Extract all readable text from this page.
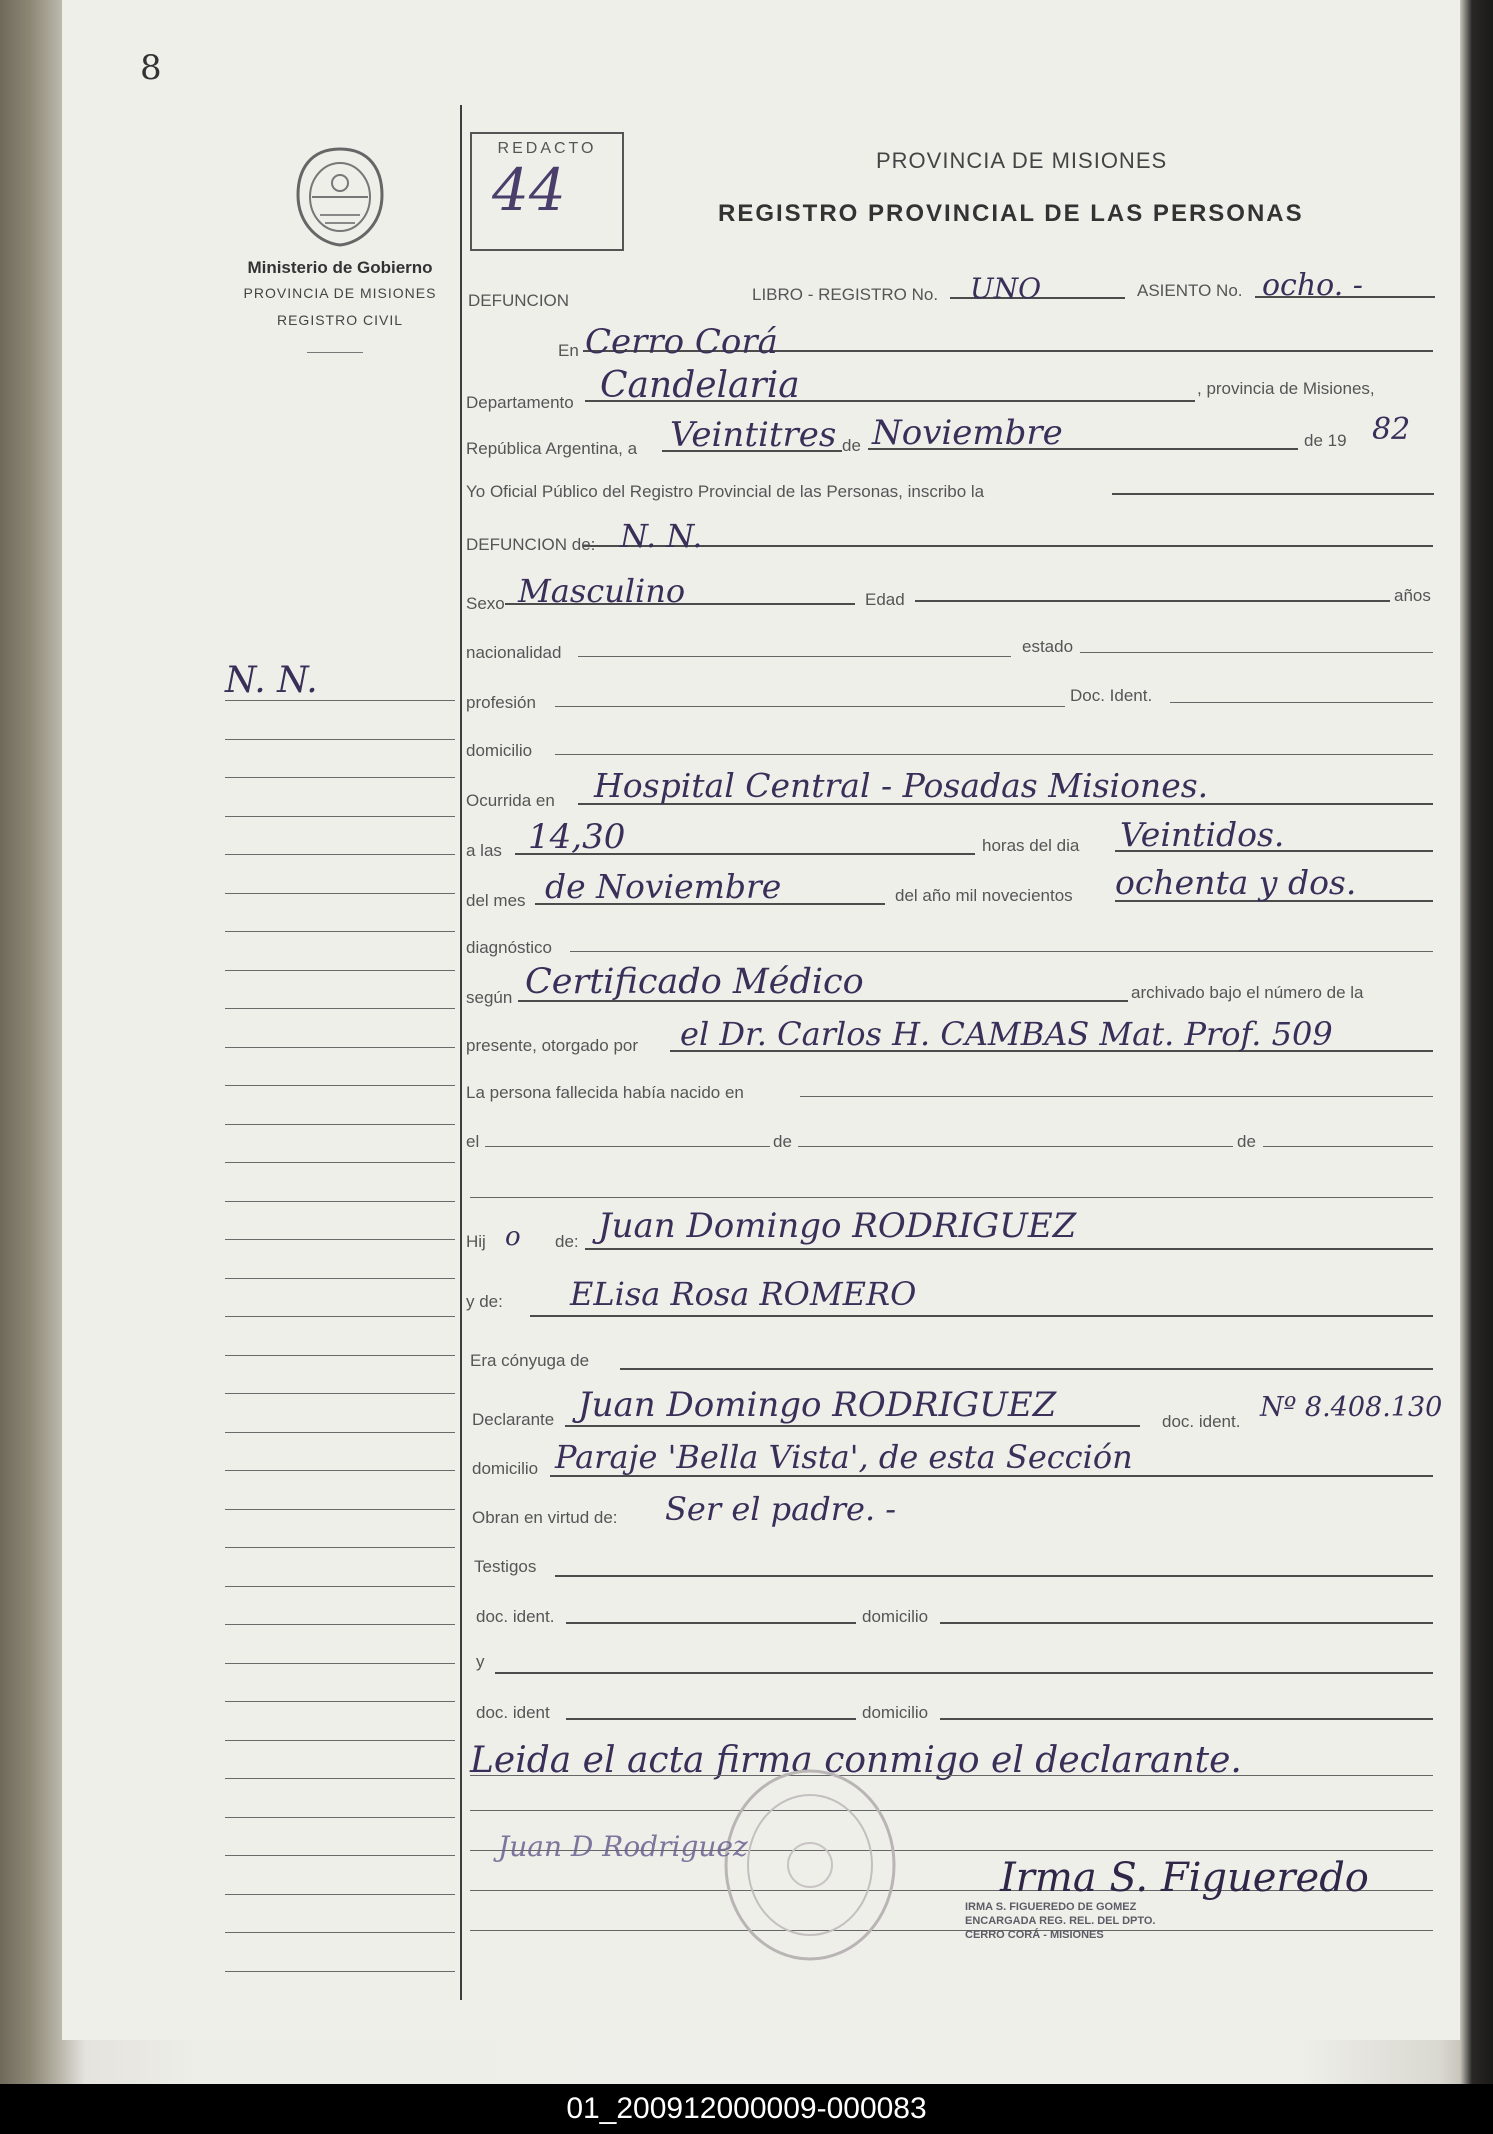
8
Ministerio de Gobierno
PROVINCIA DE MISIONES
REGISTRO CIVIL
N. N.
REDACTO
44	PROVINCIA DE MISIONES
REGISTRO PROVINCIAL DE LAS PERSONAS
DEFUNCION	LIBRO - REGISTRO No. UNO	ASIENTO No. ocho. -
En Cerro Corá
Departamento Candelaria	, provincia de Misiones,
República Argentina, a Veintitres de Noviembre	de 19 82
Yo Oficial Público del Registro Provincial de las Personas, inscribo la
DEFUNCION de: N. N.
Sexo Masculino	Edad	años
nacionalidad	estado
profesión	Doc. Ident.
domicilio
Ocurrida en Hospital Central - Posadas Misiones.
a las 14,30	horas del dia Veintidos.
del mes de Noviembre	del año mil novecientos ochenta y dos.
diagnóstico
según Certificado Médico	archivado bajo el número de la
presente, otorgado por el Dr. Carlos H. CAMBAS Mat. Prof. 509
La persona fallecida había nacido en
el	de	de
Hij o de: Juan Domingo RODRIGUEZ
y de: ELisa Rosa ROMERO
Era cónyuga de
Declarante Juan Domingo RODRIGUEZ	doc. ident. Nº 8.408.130
domicilio Paraje 'Bella Vista', de esta Sección
Obran en virtud de: Ser el padre. -
Testigos
doc. ident.	domicilio
y
doc. ident	domicilio
Leida el acta firma conmigo el declarante.
Juan D Rodriguez
Irma S. Figueredo
IRMA S. FIGUEREDO DE GOMEZ
ENCARGADA REG. REL. DEL DPTO.
CERRO CORÁ - MISIONES
01_200912000009-000083
